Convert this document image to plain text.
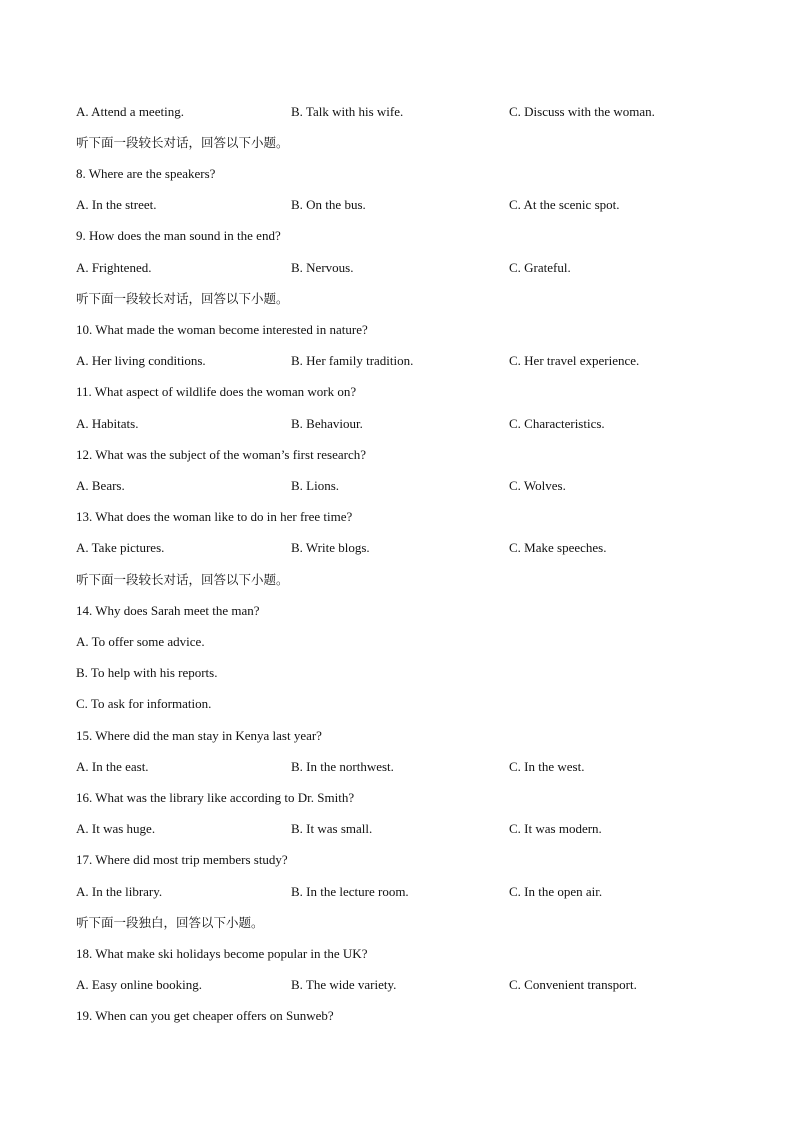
A. Attend a meeting.	B. Talk with his wife.	C. Discuss with the woman.
听下面一段较长对话，回答以下小题。
8. Where are the speakers?
A. In the street.	B. On the bus.	C. At the scenic spot.
9. How does the man sound in the end?
A. Frightened.	B. Nervous.	C. Grateful.
听下面一段较长对话，回答以下小题。
10. What made the woman become interested in nature?
A. Her living conditions.	B. Her family tradition.	C. Her travel experience.
11. What aspect of wildlife does the woman work on?
A. Habitats.	B. Behaviour.	C. Characteristics.
12. What was the subject of the woman’s first research?
A. Bears.	B. Lions.	C. Wolves.
13. What does the woman like to do in her free time?
A. Take pictures.	B. Write blogs.	C. Make speeches.
听下面一段较长对话，回答以下小题。
14. Why does Sarah meet the man?
A. To offer some advice.
B. To help with his reports.
C. To ask for information.
15. Where did the man stay in Kenya last year?
A. In the east.	B. In the northwest.	C. In the west.
16. What was the library like according to Dr. Smith?
A. It was huge.	B. It was small.	C. It was modern.
17. Where did most trip members study?
A. In the library.	B. In the lecture room.	C. In the open air.
听下面一段独白，回答以下小题。
18. What make ski holidays become popular in the UK?
A. Easy online booking.	B. The wide variety.	C. Convenient transport.
19. When can you get cheaper offers on Sunweb?
